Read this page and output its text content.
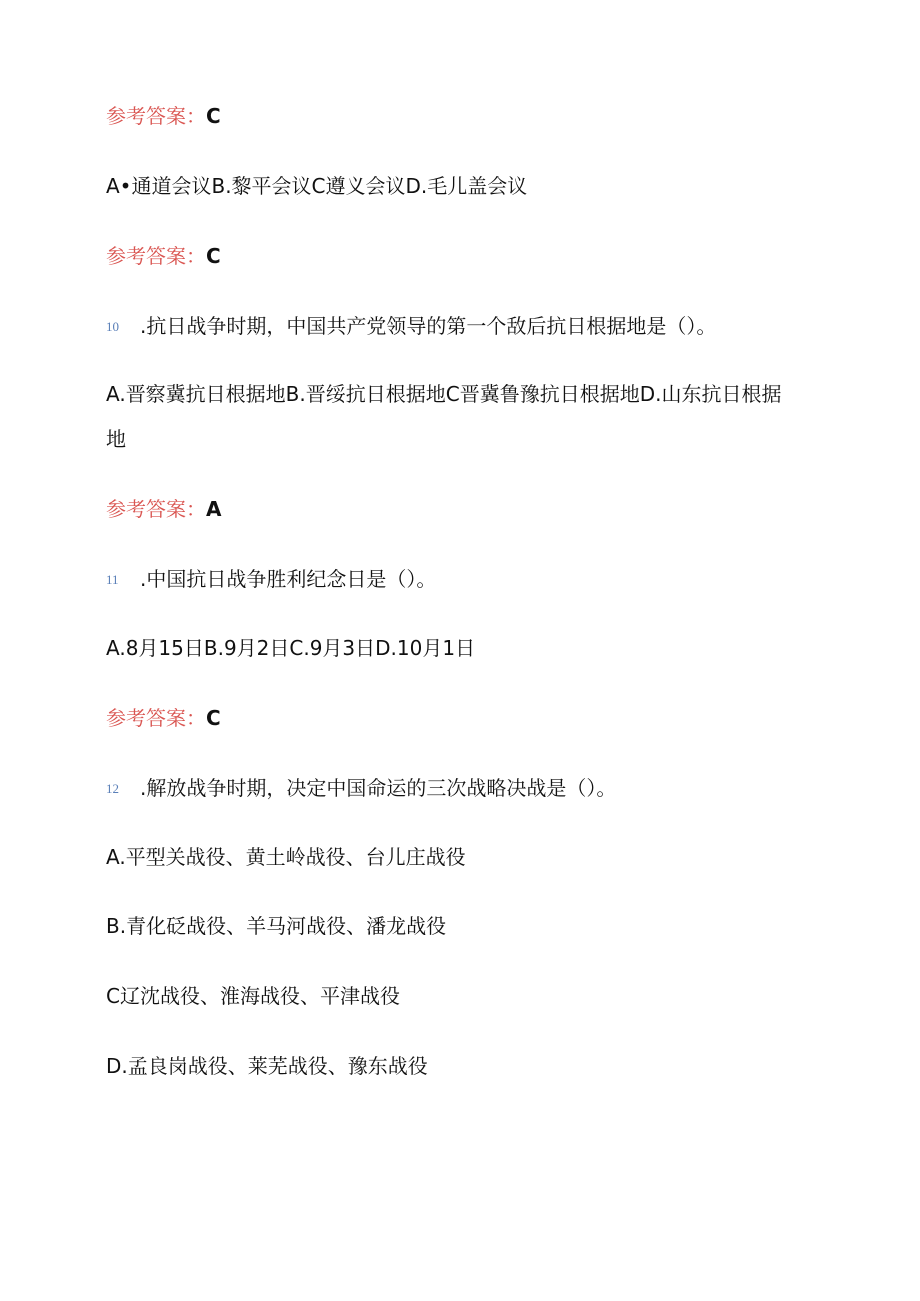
参考答案：C
A•通道会议B.黎平会议C遵义会议D.毛儿盖会议
参考答案：C
10 .抗日战争时期，中国共产党领导的第一个敌后抗日根据地是（）。
A.晋察冀抗日根据地B.晋绥抗日根据地C晋冀鲁豫抗日根据地D.山东抗日根据地
参考答案：A
11 .中国抗日战争胜利纪念日是（）。
A.8月15日B.9月2日C.9月3日D.10月1日
参考答案：C
12 .解放战争时期，决定中国命运的三次战略决战是（）。
A.平型关战役、黄土岭战役、台儿庄战役
B.青化砭战役、羊马河战役、潘龙战役
C辽沈战役、淮海战役、平津战役
D.孟良岗战役、莱芜战役、豫东战役
